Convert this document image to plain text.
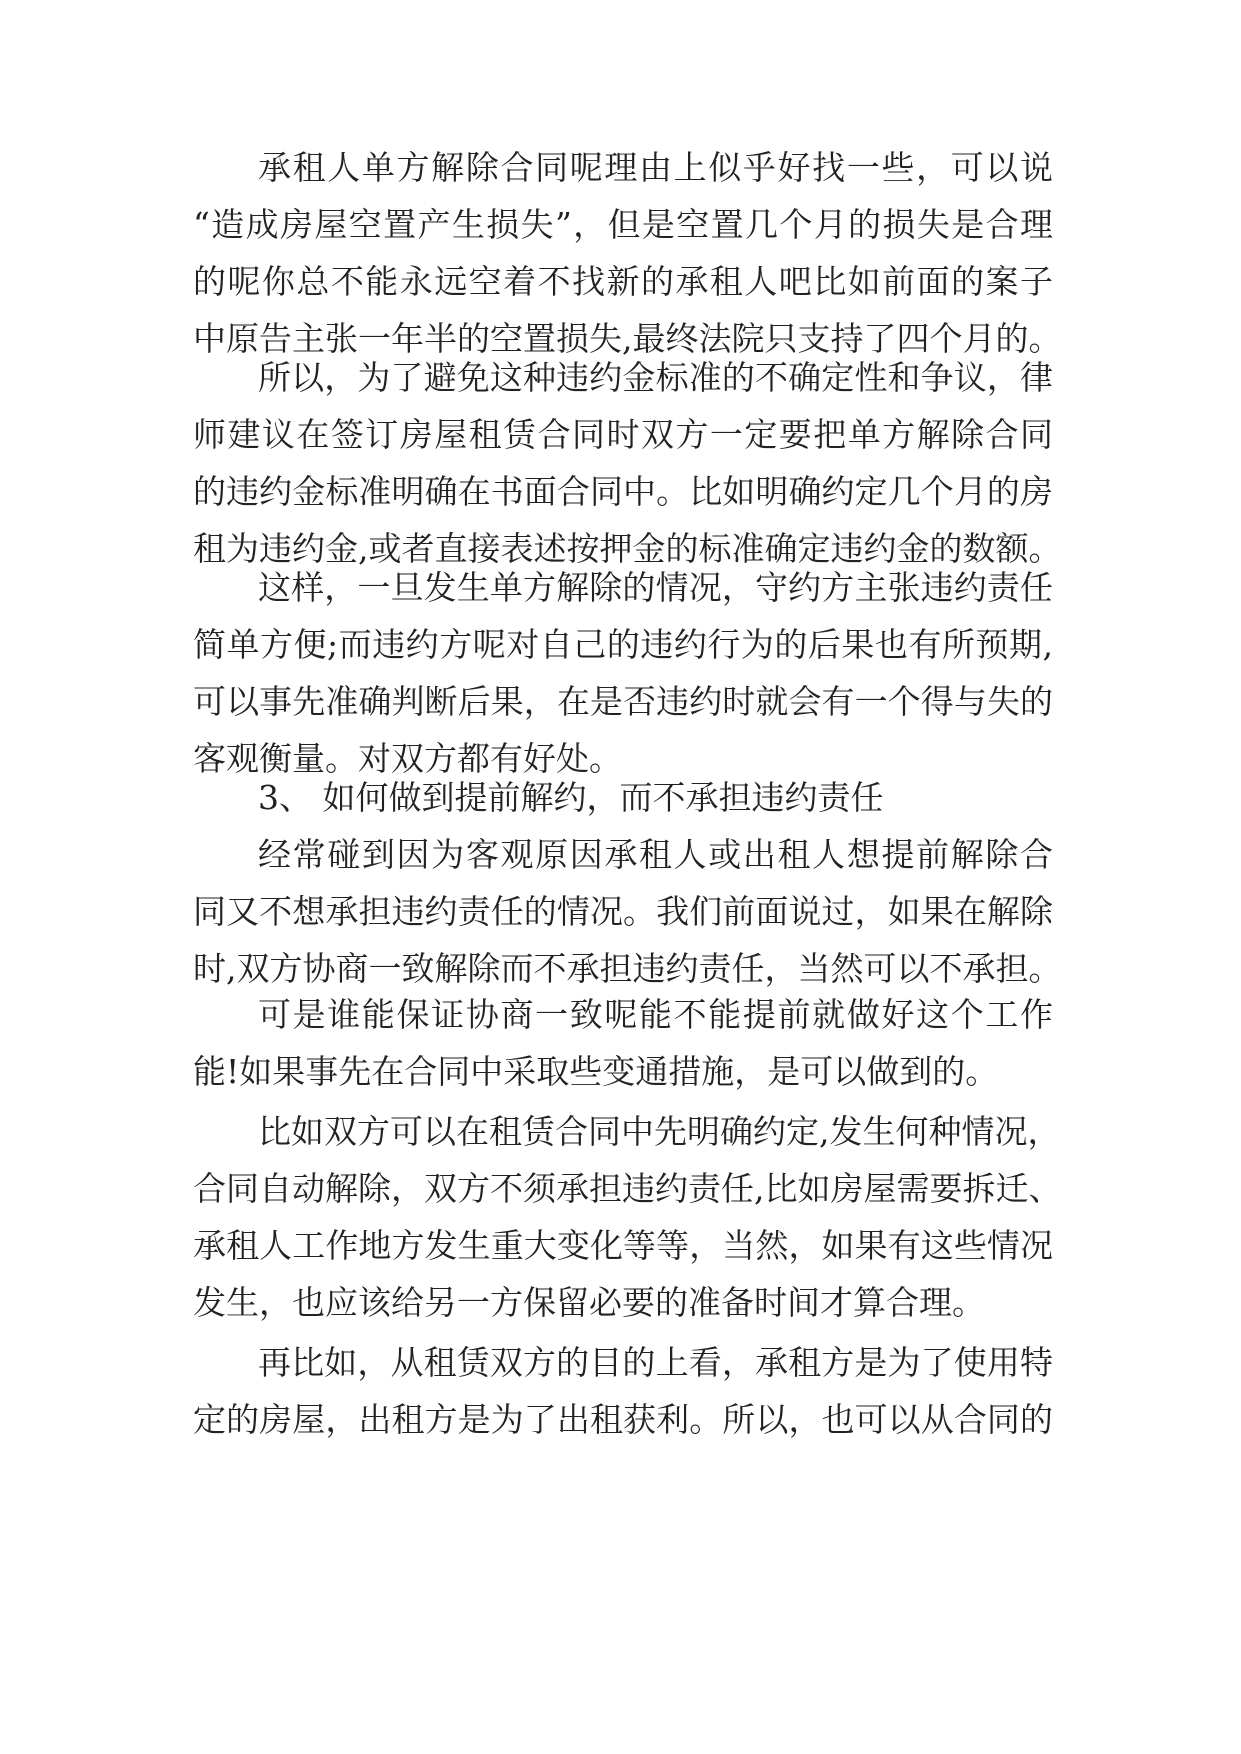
承租人单方解除合同呢理由上似乎好找一些，可以说
“造成房屋空置产生损失”，但是空置几个月的损失是合理
的呢你总不能永远空着不找新的承租人吧比如前面的案子
中原告主张一年半的空置损失,最终法院只支持了四个月的。
所以，为了避免这种违约金标准的不确定性和争议，律
师建议在签订房屋租赁合同时双方一定要把单方解除合同
的违约金标准明确在书面合同中。比如明确约定几个月的房
租为违约金,或者直接表述按押金的标准确定违约金的数额。
这样，一旦发生单方解除的情况，守约方主张违约责任
简单方便;而违约方呢对自己的违约行为的后果也有所预期,
可以事先准确判断后果，在是否违约时就会有一个得与失的
客观衡量。对双方都有好处。
3、 如何做到提前解约，而不承担违约责任
经常碰到因为客观原因承租人或出租人想提前解除合
同又不想承担违约责任的情况。我们前面说过，如果在解除
时,双方协商一致解除而不承担违约责任，当然可以不承担。
可是谁能保证协商一致呢能不能提前就做好这个工作
能!如果事先在合同中采取些变通措施，是可以做到的。
比如双方可以在租赁合同中先明确约定,发生何种情况，
合同自动解除，双方不须承担违约责任,比如房屋需要拆迁、
承租人工作地方发生重大变化等等，当然，如果有这些情况
发生，也应该给另一方保留必要的准备时间才算合理。
再比如，从租赁双方的目的上看，承租方是为了使用特
定的房屋，出租方是为了出租获利。所以，也可以从合同的
